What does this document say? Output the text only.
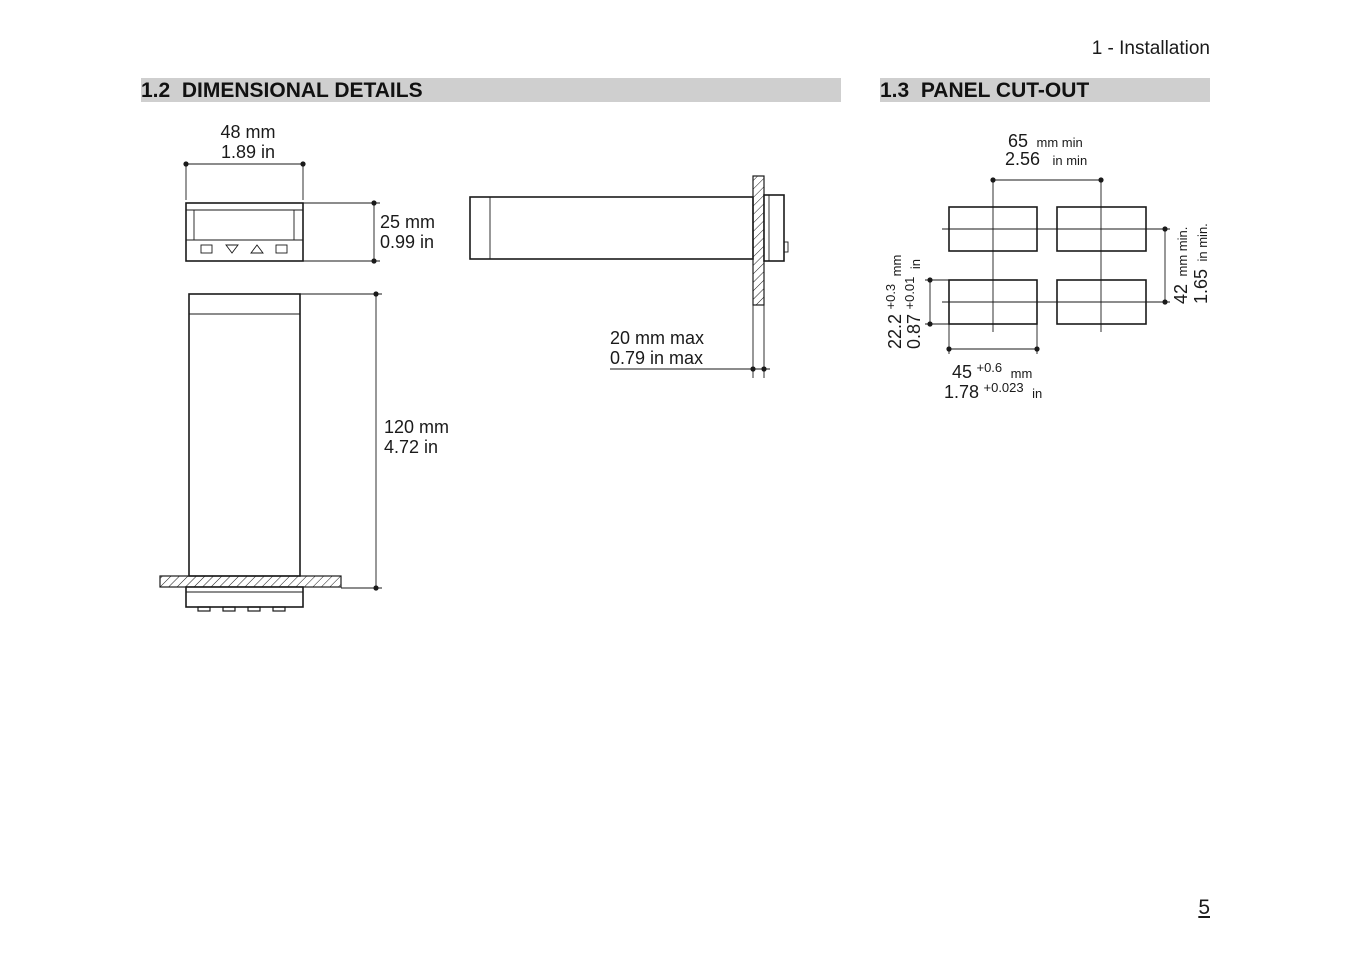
1 - Installation
1.2  DIMENSIONAL DETAILS	1.3  PANEL CUT-OUT
48 mm
1.89 in
25 mm
0.99 in
20 mm max
0.79 in max
120 mm
4.72 in
65 mm min
2.56 in min
42 mm min.
1.65 in min.
22.2 $^{+0.3}$ $_{mm}$
0.87 $^{+0.01}$ $_{in}$
45 $^{+0.6}$ $_{mm}$
1.78 $^{+0.023}$ $_{in}$
5
